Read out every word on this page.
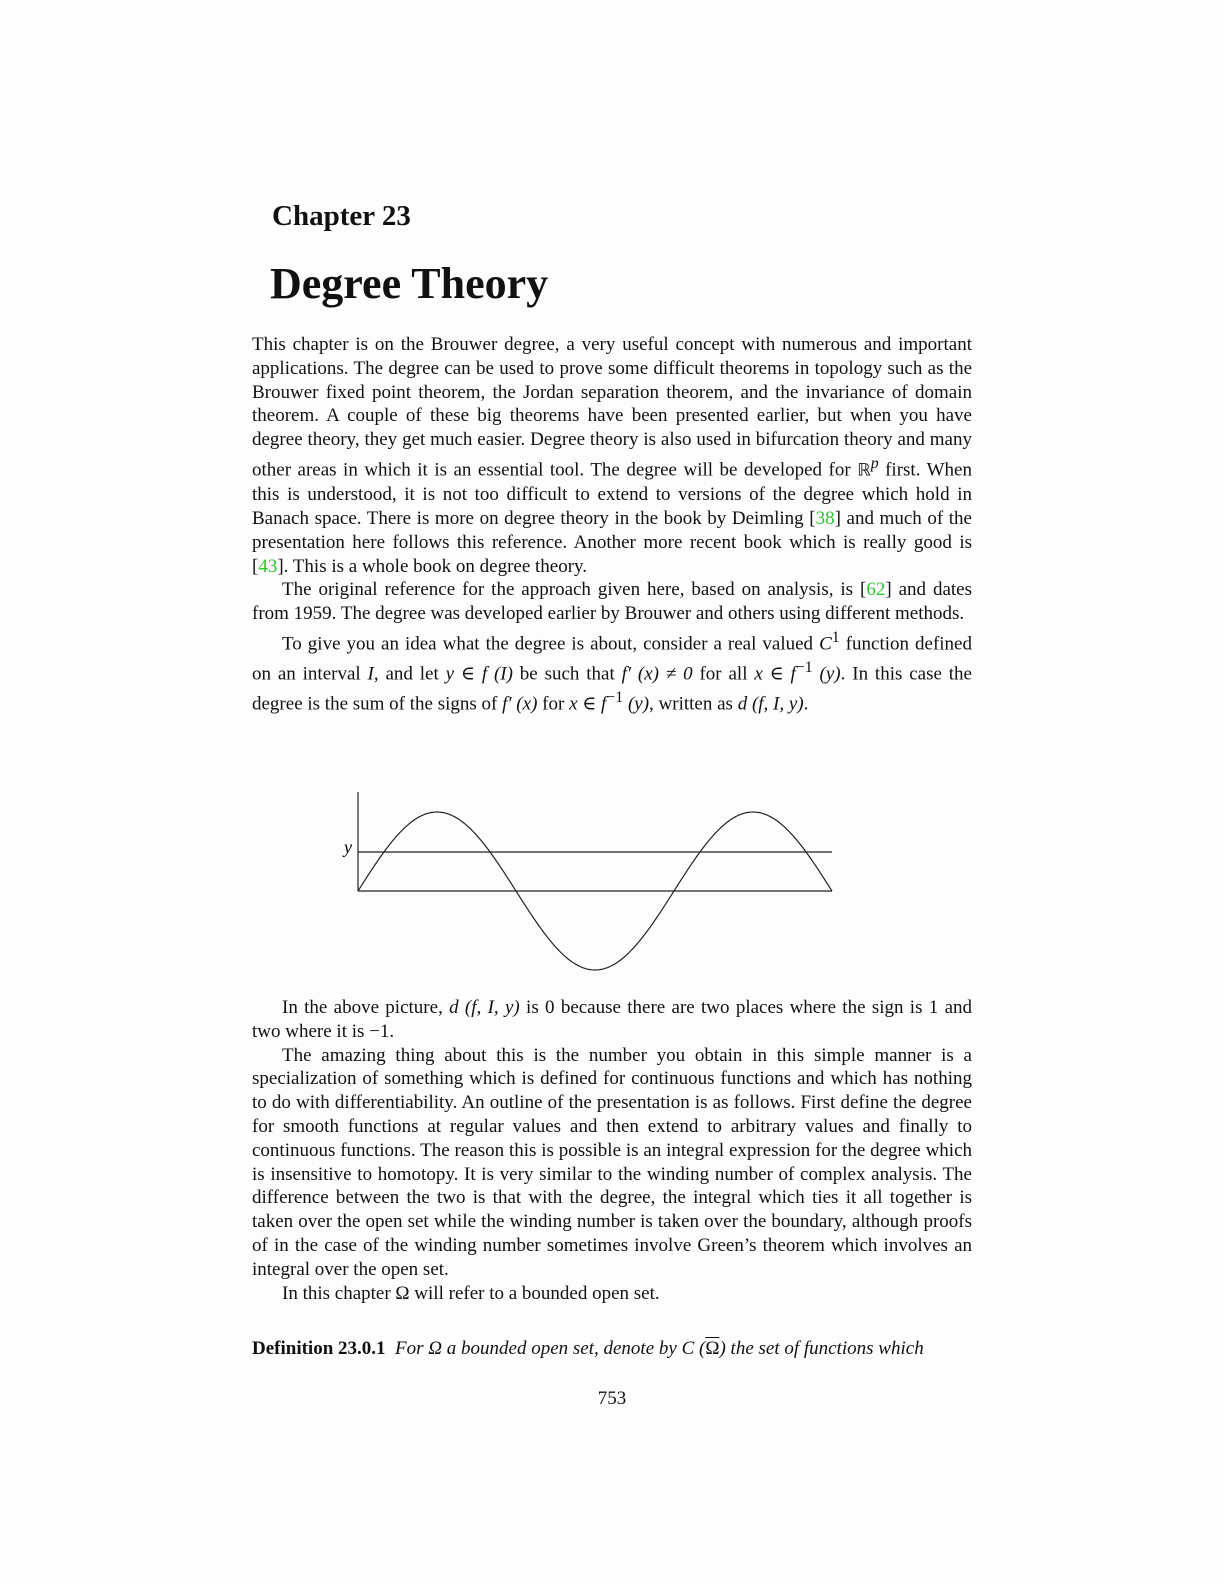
Chapter 23
Degree Theory

This chapter is on the Brouwer degree, a very useful concept with numerous and important applications. The degree can be used to prove some difficult theorems in topology such as the Brouwer fixed point theorem, the Jordan separation theorem, and the invariance of domain theorem. A couple of these big theorems have been presented earlier, but when you have degree theory, they get much easier. Degree theory is also used in bifurcation theory and many other areas in which it is an essential tool. The degree will be developed for ℝ$^p$ first. When this is understood, it is not too difficult to extend to versions of the degree which hold in Banach space. There is more on degree theory in the book by Deimling [38] and much of the presentation here follows this reference. Another more recent book which is really good is [43]. This is a whole book on degree theory.

The original reference for the approach given here, based on analysis, is [62] and dates from 1959. The degree was developed earlier by Brouwer and others using different methods.

To give you an idea what the degree is about, consider a real valued $C^1$ function defined on an interval I, and let y ∈ f (I) be such that f′ (x) ≠ 0 for all x ∈ $f^{-1}$ (y). In this case the degree is the sum of the signs of f′ (x) for x ∈ $f^{-1}$ (y), written as d (f, I, y).

y

In the above picture, d (f, I, y) is 0 because there are two places where the sign is 1 and two where it is −1.

The amazing thing about this is the number you obtain in this simple manner is a specialization of something which is defined for continuous functions and which has nothing to do with differentiability. An outline of the presentation is as follows. First define the degree for smooth functions at regular values and then extend to arbitrary values and finally to continuous functions. The reason this is possible is an integral expression for the degree which is insensitive to homotopy. It is very similar to the winding number of complex analysis. The difference between the two is that with the degree, the integral which ties it all together is taken over the open set while the winding number is taken over the boundary, although proofs of in the case of the winding number sometimes involve Green’s theorem which involves an integral over the open set.

In this chapter Ω will refer to a bounded open set.

Definition 23.0.1 For Ω a bounded open set, denote by C $(\overline{\Omega})$ the set of functions which
753
